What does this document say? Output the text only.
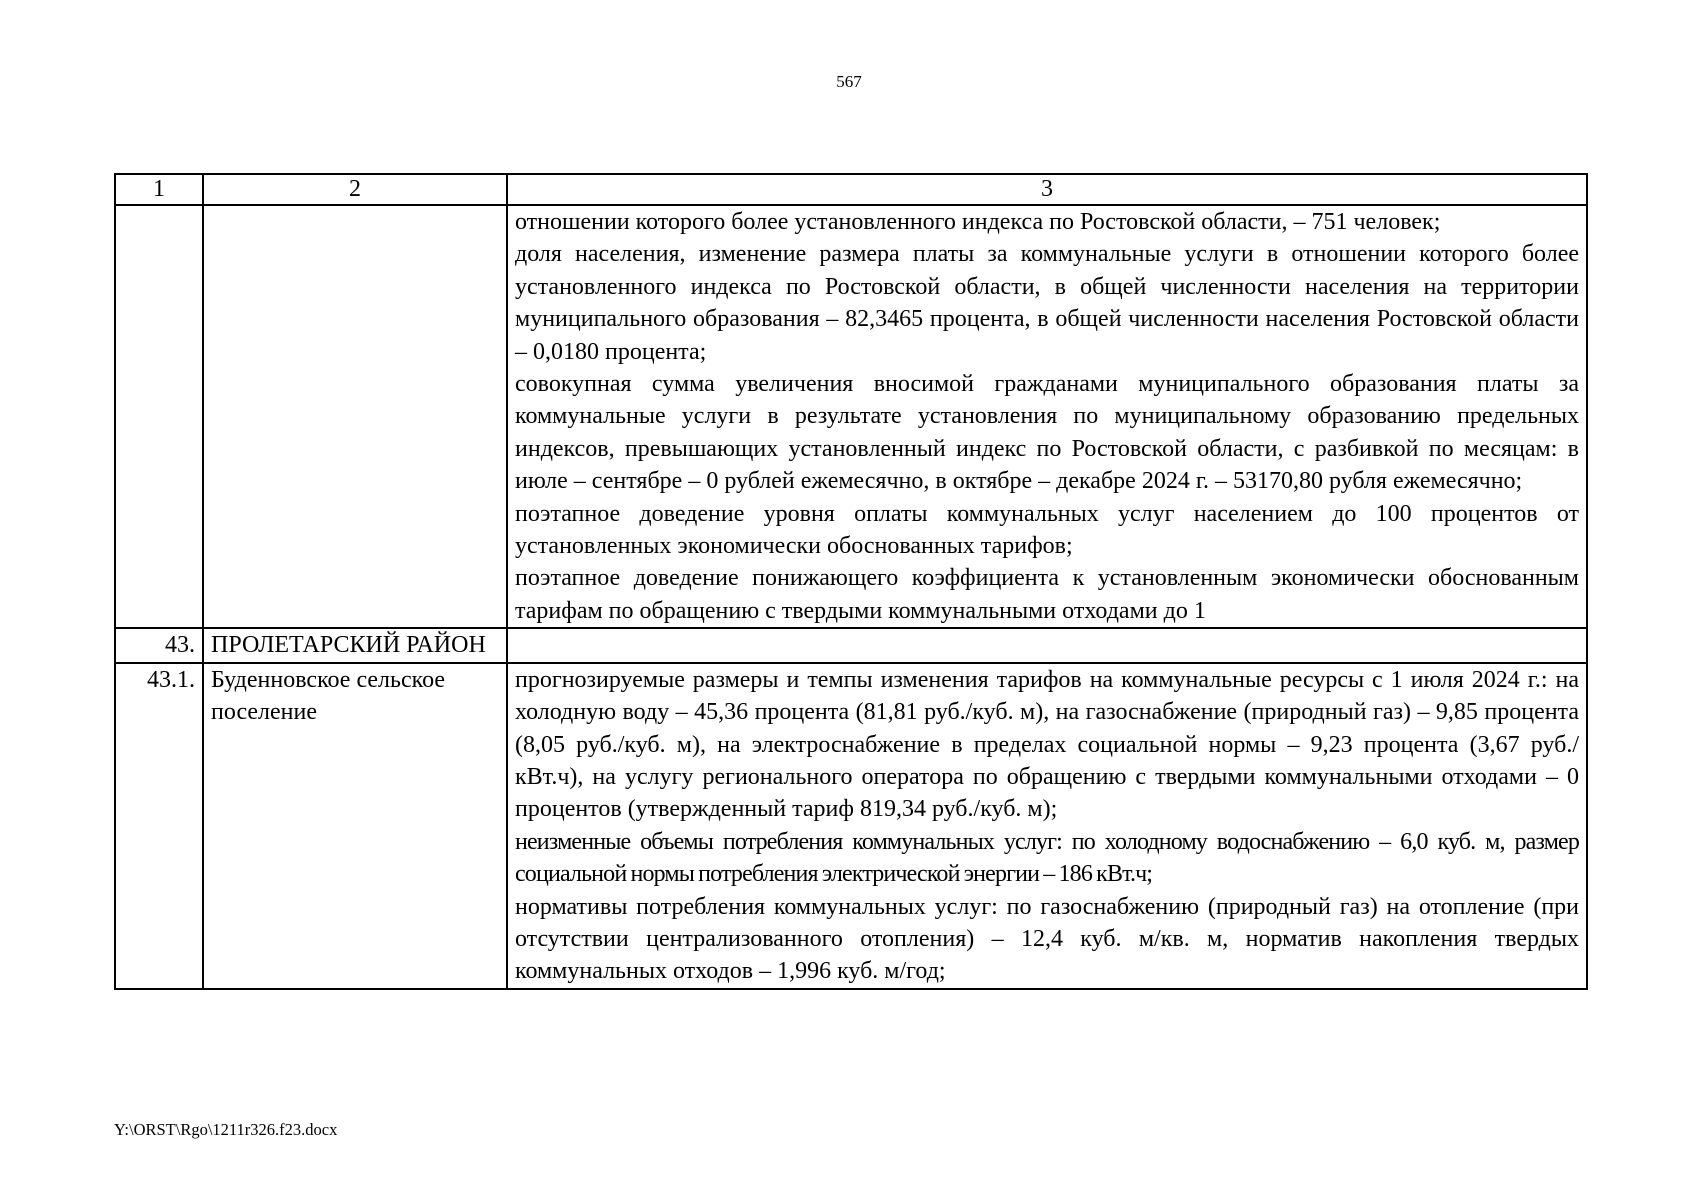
567
1	2	3

		отношении которого более установленного индекса по Ростовской области, – 751 человек;
доля населения, изменение размера платы за коммунальные услуги в отношении которого более установленного индекса по Ростовской области, в общей численности населения на территории муниципального образования – 82,3465 процента, в общей численности населения Ростовской области – 0,0180 процента;
совокупная сумма увеличения вносимой гражданами муниципального образования платы за коммунальные услуги в результате установления по муниципальному образованию предельных индексов, превышающих установленный индекс по Ростовской области, с разбивкой по месяцам: в июле – сентябре – 0 рублей ежемесячно, в октябре – декабре 2024 г. – 53170,80 рубля ежемесячно;
поэтапное доведение уровня оплаты коммунальных услуг населением до 100 процентов от установленных экономически обоснованных тарифов;
поэтапное доведение понижающего коэффициента к установленным экономически обоснованным тарифам по обращению с твердыми коммунальными отходами до 1

43.	ПРОЛЕТАРСКИЙ РАЙОН	
43.1.	Буденновское сельское поселение	прогнозируемые размеры и темпы изменения тарифов на коммунальные ресурсы с 1 июля 2024 г.: на холодную воду – 45,36 процента (81,81 руб./куб. м), на газоснабжение (природный газ) – 9,85 процента (8,05 руб./куб. м), на электроснабжение в пределах социальной нормы – 9,23 процента (3,67 руб./кВт.ч), на услугу регионального оператора по обращению с твердыми коммунальными отходами – 0 процентов (утвержденный тариф 819,34 руб./куб. м);
неизменные объемы потребления коммунальных услуг: по холодному водоснабжению – 6,0 куб. м, размер социальной нормы потребления электрической энергии – 186 кВт.ч;
нормативы потребления коммунальных услуг: по газоснабжению (природный газ) на отопление (при отсутствии централизованного отопления) – 12,4 куб. м/кв. м, норматив накопления твердых коммунальных отходов – 1,996 куб. м/год;
Y:\ORST\Rgo\1211r326.f23.docx
